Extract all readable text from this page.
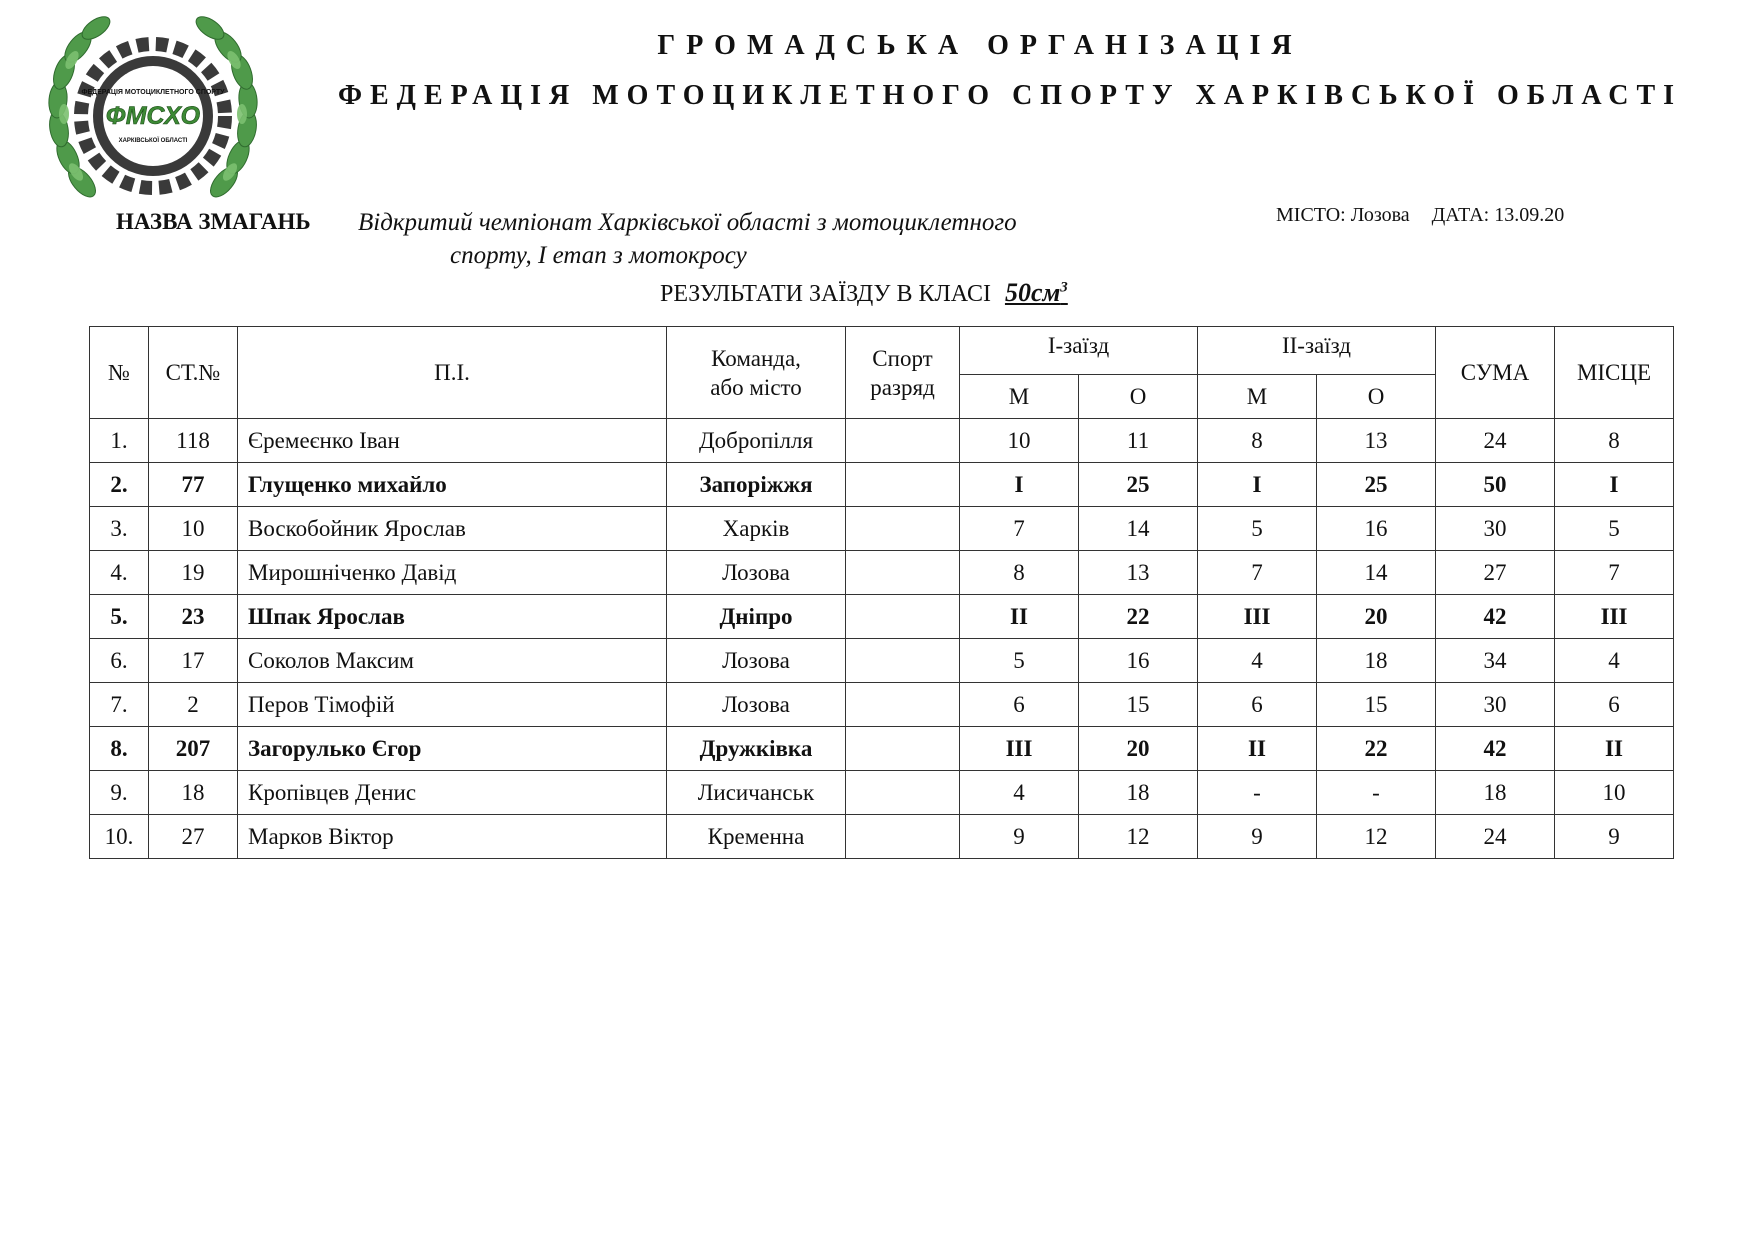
ФЕДЕРАЦІЯ МОТОЦИКЛЕТНОГО СПОРТУ
ФМСХО
ХАРКІВСЬКОЇ ОБЛАСТІ
ГРОМАДСЬКА ОРГАНІЗАЦІЯ
ФЕДЕРАЦІЯ МОТОЦИКЛЕТНОГО СПОРТУ ХАРКІВСЬКОЇ ОБЛАСТІ
НАЗВА ЗМАГАНЬ Відкритий чемпіонат Харківської області з мотоциклетного
спорту, І етап з мотокросу
МІСТО: Лозова ДАТА: 13.09.20
РЕЗУЛЬТАТИ ЗАЇЗДУ В КЛАСІ $50см^3$
№	СТ.№	П.І.	Команда,
або місто	Спорт
разряд	І-заїзд		ІІ-заїзд		СУМА	МІСЦЕ
					М	О	М	О		
1.	118	Єремеєнко Іван	Добропілля		10	11	8	13	24	8
2.	77	Глущенко михайло	Запоріжжя		I	25	I	25	50	I
3.	10	Воскобойник Ярослав	Харків		7	14	5	16	30	5
4.	19	Мирошніченко Давід	Лозова		8	13	7	14	27	7
5.	23	Шпак Ярослав	Дніпро		II	22	III	20	42	III
6.	17	Соколов Максим	Лозова		5	16	4	18	34	4
7.	2	Перов Тімофій	Лозова		6	15	6	15	30	6
8.	207	Загорулько Єгор	Дружківка		III	20	II	22	42	II
9.	18	Кропівцев Денис	Лисичанськ		4	18	-	-	18	10
10.	27	Марков Віктор	Кременна		9	12	9	12	24	9
